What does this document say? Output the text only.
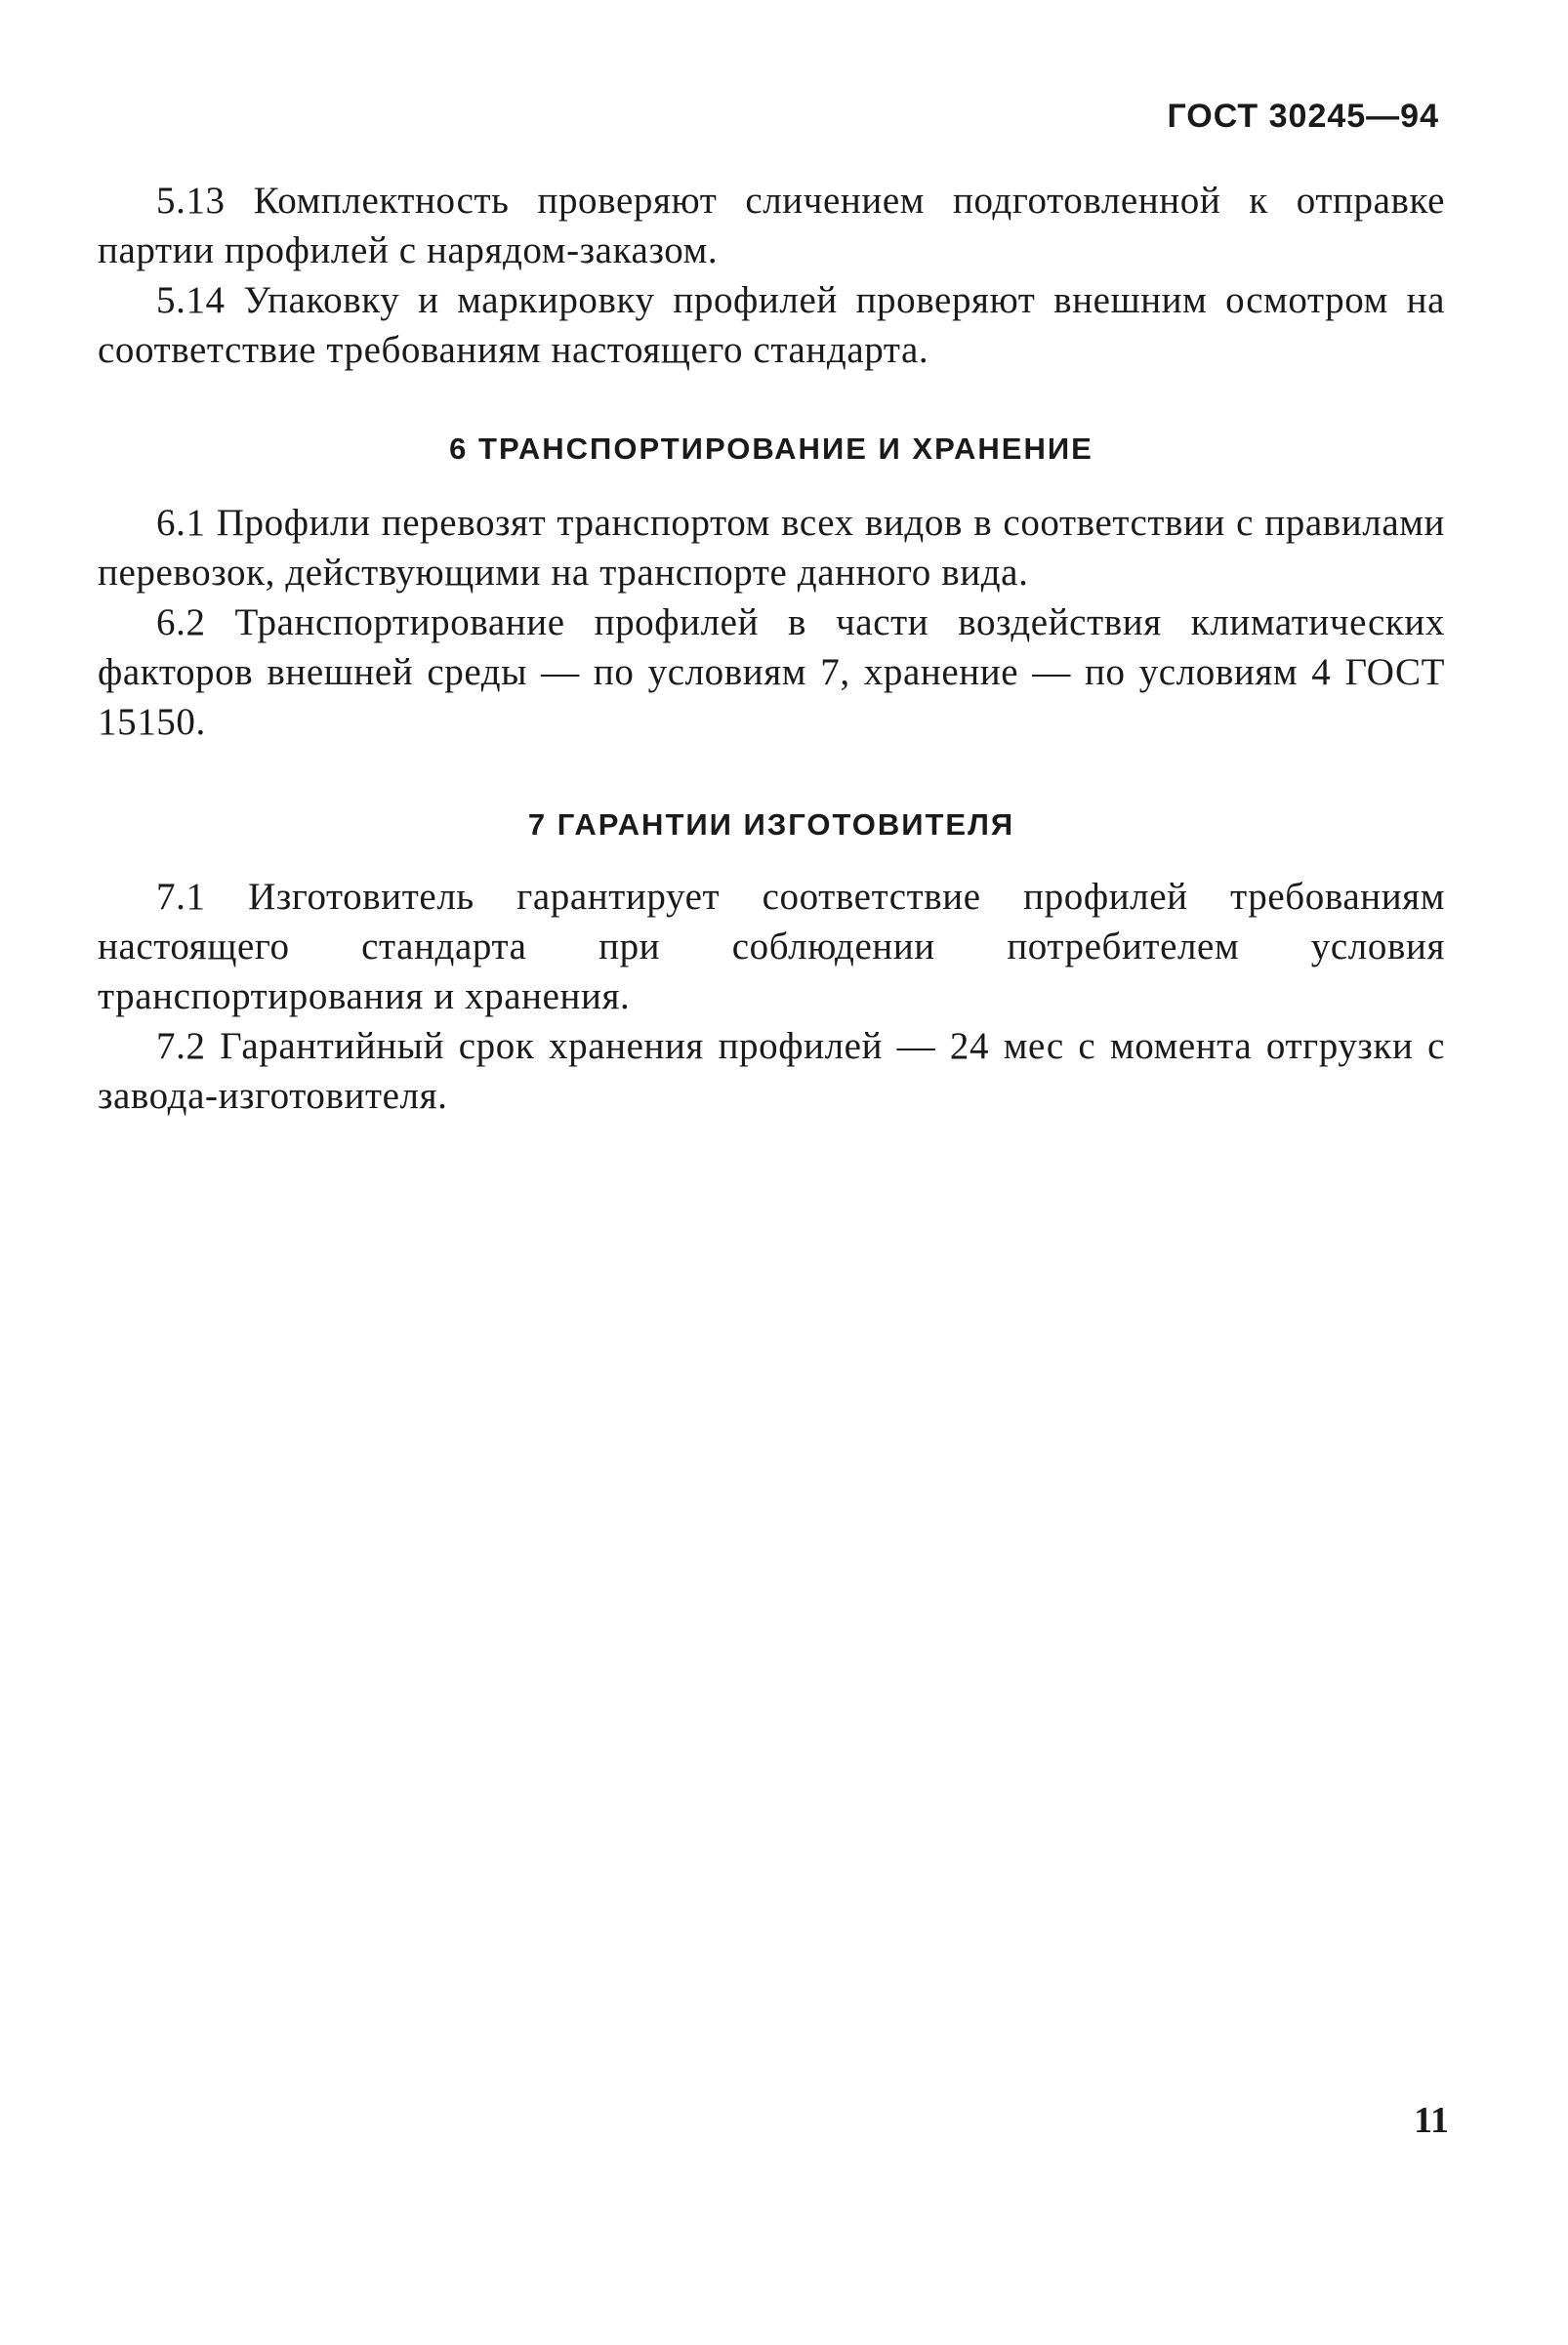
ГОСТ 30245—94

5.13 Комплектность проверяют сличением подготовленной к отправке партии профилей с нарядом-заказом.

5.14 Упаковку и маркировку профилей проверяют внешним осмотром на соответствие требованиям настоящего стандарта.

6 ТРАНСПОРТИРОВАНИЕ И ХРАНЕНИЕ

6.1 Профили перевозят транспортом всех видов в соответствии с правилами перевозок, действующими на транспорте данного вида.

6.2 Транспортирование профилей в части воздействия климатических факторов внешней среды — по условиям 7, хранение — по условиям 4 ГОСТ 15150.

7 ГАРАНТИИ ИЗГОТОВИТЕЛЯ

7.1 Изготовитель гарантирует соответствие профилей требованиям настоящего стандарта при соблюдении потребителем условия транспортирования и хранения.

7.2 Гарантийный срок хранения профилей — 24 мес с момента отгрузки с завода-изготовителя.

11
